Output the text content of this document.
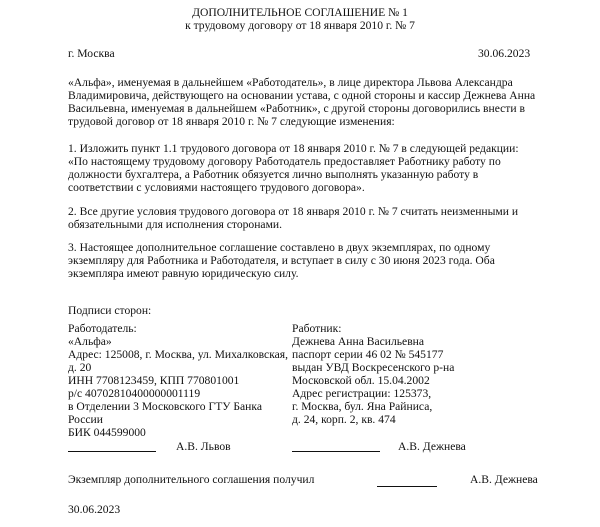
ДОПОЛНИТЕЛЬНОЕ СОГЛАШЕНИЕ № 1
к трудовому договору от 18 января 2010 г. № 7
г. Москва	30.06.2023
«Альфа», именуемая в дальнейшем «Работодатель», в лице директора Львова Александра Владимировича, действующего на основании устава, с одной стороны и кассир Дежнева Анна Васильевна, именуемая в дальнейшем «Работник», с другой стороны договорились внести в трудовой договор от 18 января 2010 г. № 7 следующие изменения:
1. Изложить пункт 1.1 трудового договора от 18 января 2010 г. № 7 в следующей редакции: «По настоящему трудовому договору Работодатель предоставляет Работнику работу по должности бухгалтера, а Работник обязуется лично выполнять указанную работу в соответствии с условиями настоящего трудового договора».
2. Все другие условия трудового договора от 18 января 2010 г. № 7 считать неизменными и обязательными для исполнения сторонами.
3. Настоящее дополнительное соглашение составлено в двух экземплярах, по одному экземпляру для Работника и Работодателя, и вступает в силу с 30 июня 2023 года. Оба экземпляра имеют равную юридическую силу.
Подписи сторон:
Работодатель:
«Альфа»
Адрес: 125008, г. Москва, ул. Михалковская,
д. 20
ИНН 7708123459, КПП 770801001
р/с 40702810400000001119
в Отделении 3 Московского ГТУ Банка
России
БИК 044599000
Работник:
Дежнева Анна Васильевна
паспорт серии 46 02 № 545177
выдан УВД Воскресенского р-на
Московской обл. 15.04.2002
Адрес регистрации: 125373,
г. Москва, бул. Яна Райниса,
д. 24, корп. 2, кв. 474
А.В. Львов	А.В. Дежнева
Экземпляр дополнительного соглашения получил	А.В. Дежнева
30.06.2023
